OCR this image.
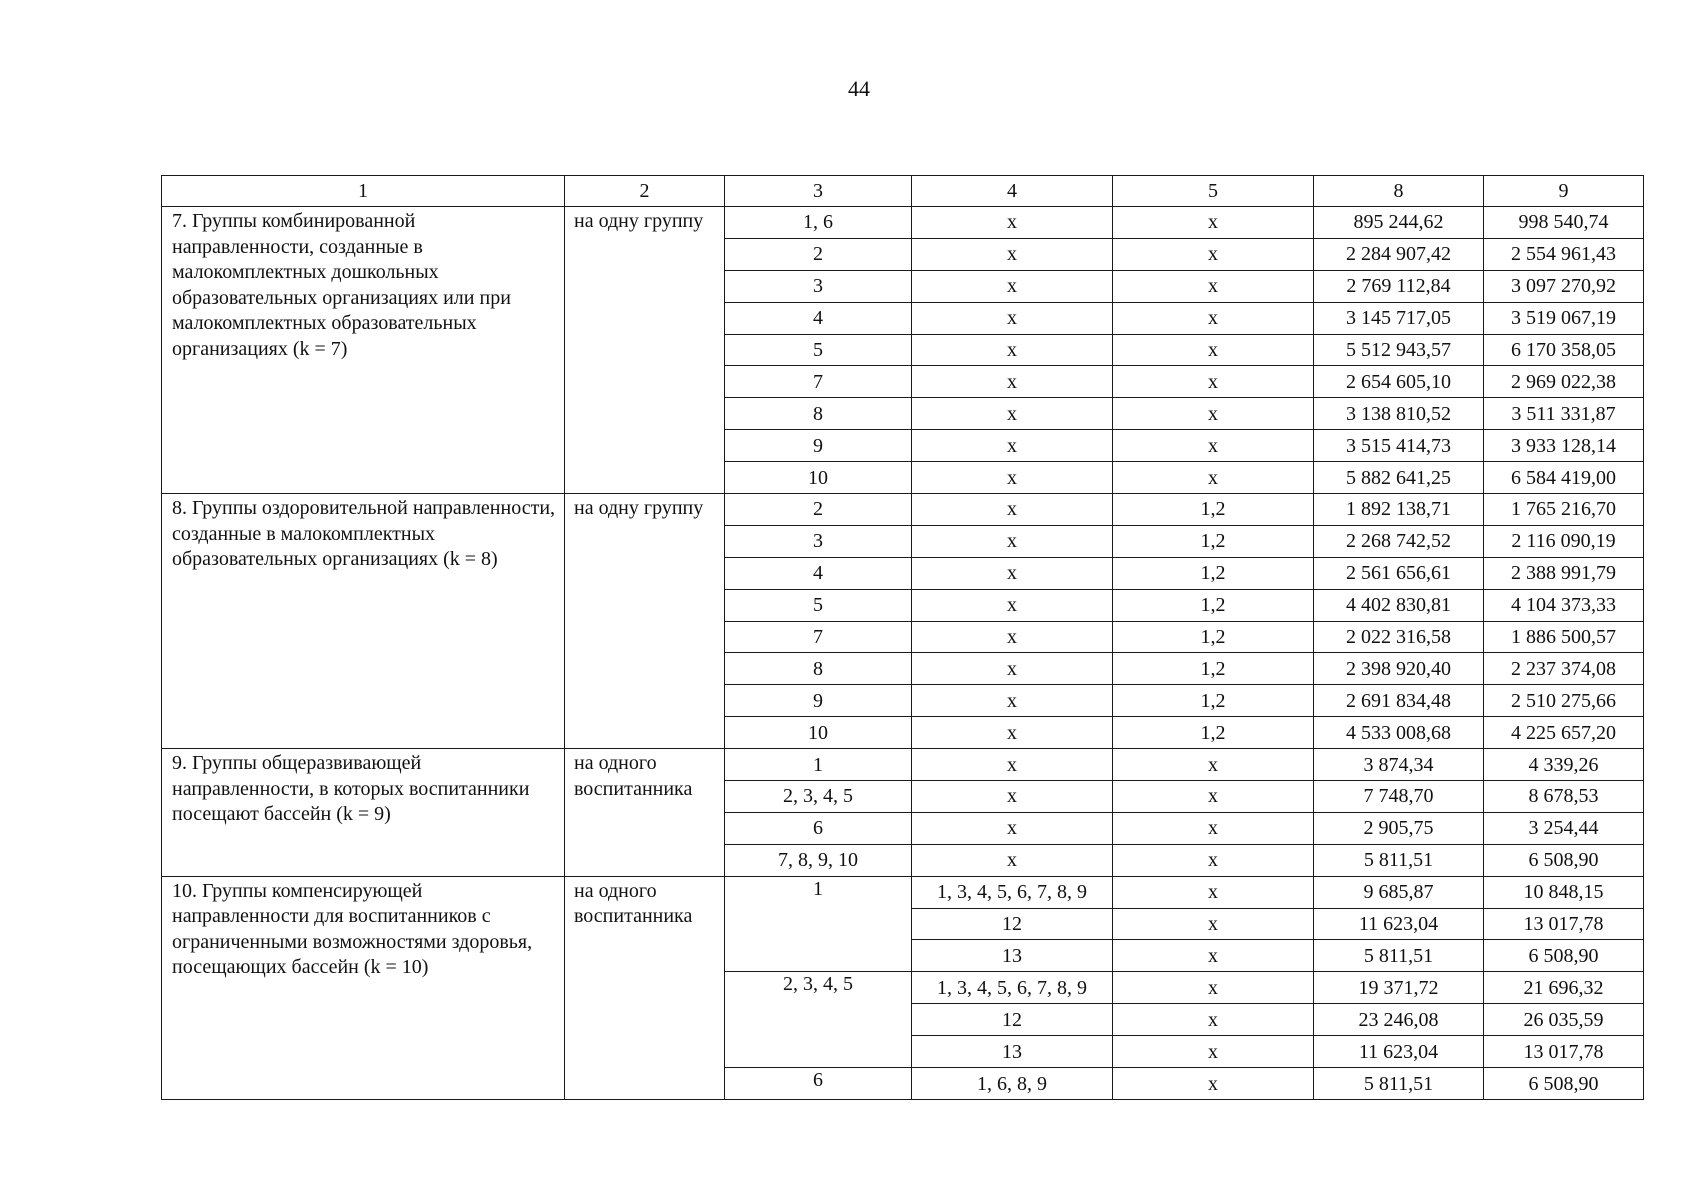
44
1	2	3	4	5	8	9
7. Группы комбинированной направленности, созданные в малокомплектных дошкольных образовательных организациях или при малокомплектных образовательных организациях (k = 7)	на одну группу	1, 6	x	x	895 244,62	998 540,74
		2	x	x	2 284 907,42	2 554 961,43
		3	x	x	2 769 112,84	3 097 270,92
		4	x	x	3 145 717,05	3 519 067,19
		5	x	x	5 512 943,57	6 170 358,05
		7	x	x	2 654 605,10	2 969 022,38
		8	x	x	3 138 810,52	3 511 331,87
		9	x	x	3 515 414,73	3 933 128,14
		10	x	x	5 882 641,25	6 584 419,00
8. Группы оздоровительной направленности, созданные в малокомплектных образовательных организациях (k = 8)	на одну группу	2	x	1,2	1 892 138,71	1 765 216,70
		3	x	1,2	2 268 742,52	2 116 090,19
		4	x	1,2	2 561 656,61	2 388 991,79
		5	x	1,2	4 402 830,81	4 104 373,33
		7	x	1,2	2 022 316,58	1 886 500,57
		8	x	1,2	2 398 920,40	2 237 374,08
		9	x	1,2	2 691 834,48	2 510 275,66
		10	x	1,2	4 533 008,68	4 225 657,20
9. Группы общеразвивающей направленности, в которых воспитанники посещают бассейн (k = 9)	на одного воспитанника	1	x	x	3 874,34	4 339,26
		2, 3, 4, 5	x	x	7 748,70	8 678,53
		6	x	x	2 905,75	3 254,44
		7, 8, 9, 10	x	x	5 811,51	6 508,90
10. Группы компенсирующей направленности для воспитанников с ограниченными возможностями здоровья, посещающих бассейн (k = 10)	на одного воспитанника	1	1, 3, 4, 5, 6, 7, 8, 9	x	9 685,87	10 848,15
			12	x	11 623,04	13 017,78
			13	x	5 811,51	6 508,90
		2, 3, 4, 5	1, 3, 4, 5, 6, 7, 8, 9	x	19 371,72	21 696,32
			12	x	23 246,08	26 035,59
			13	x	11 623,04	13 017,78
		6	1, 6, 8, 9	x	5 811,51	6 508,90
